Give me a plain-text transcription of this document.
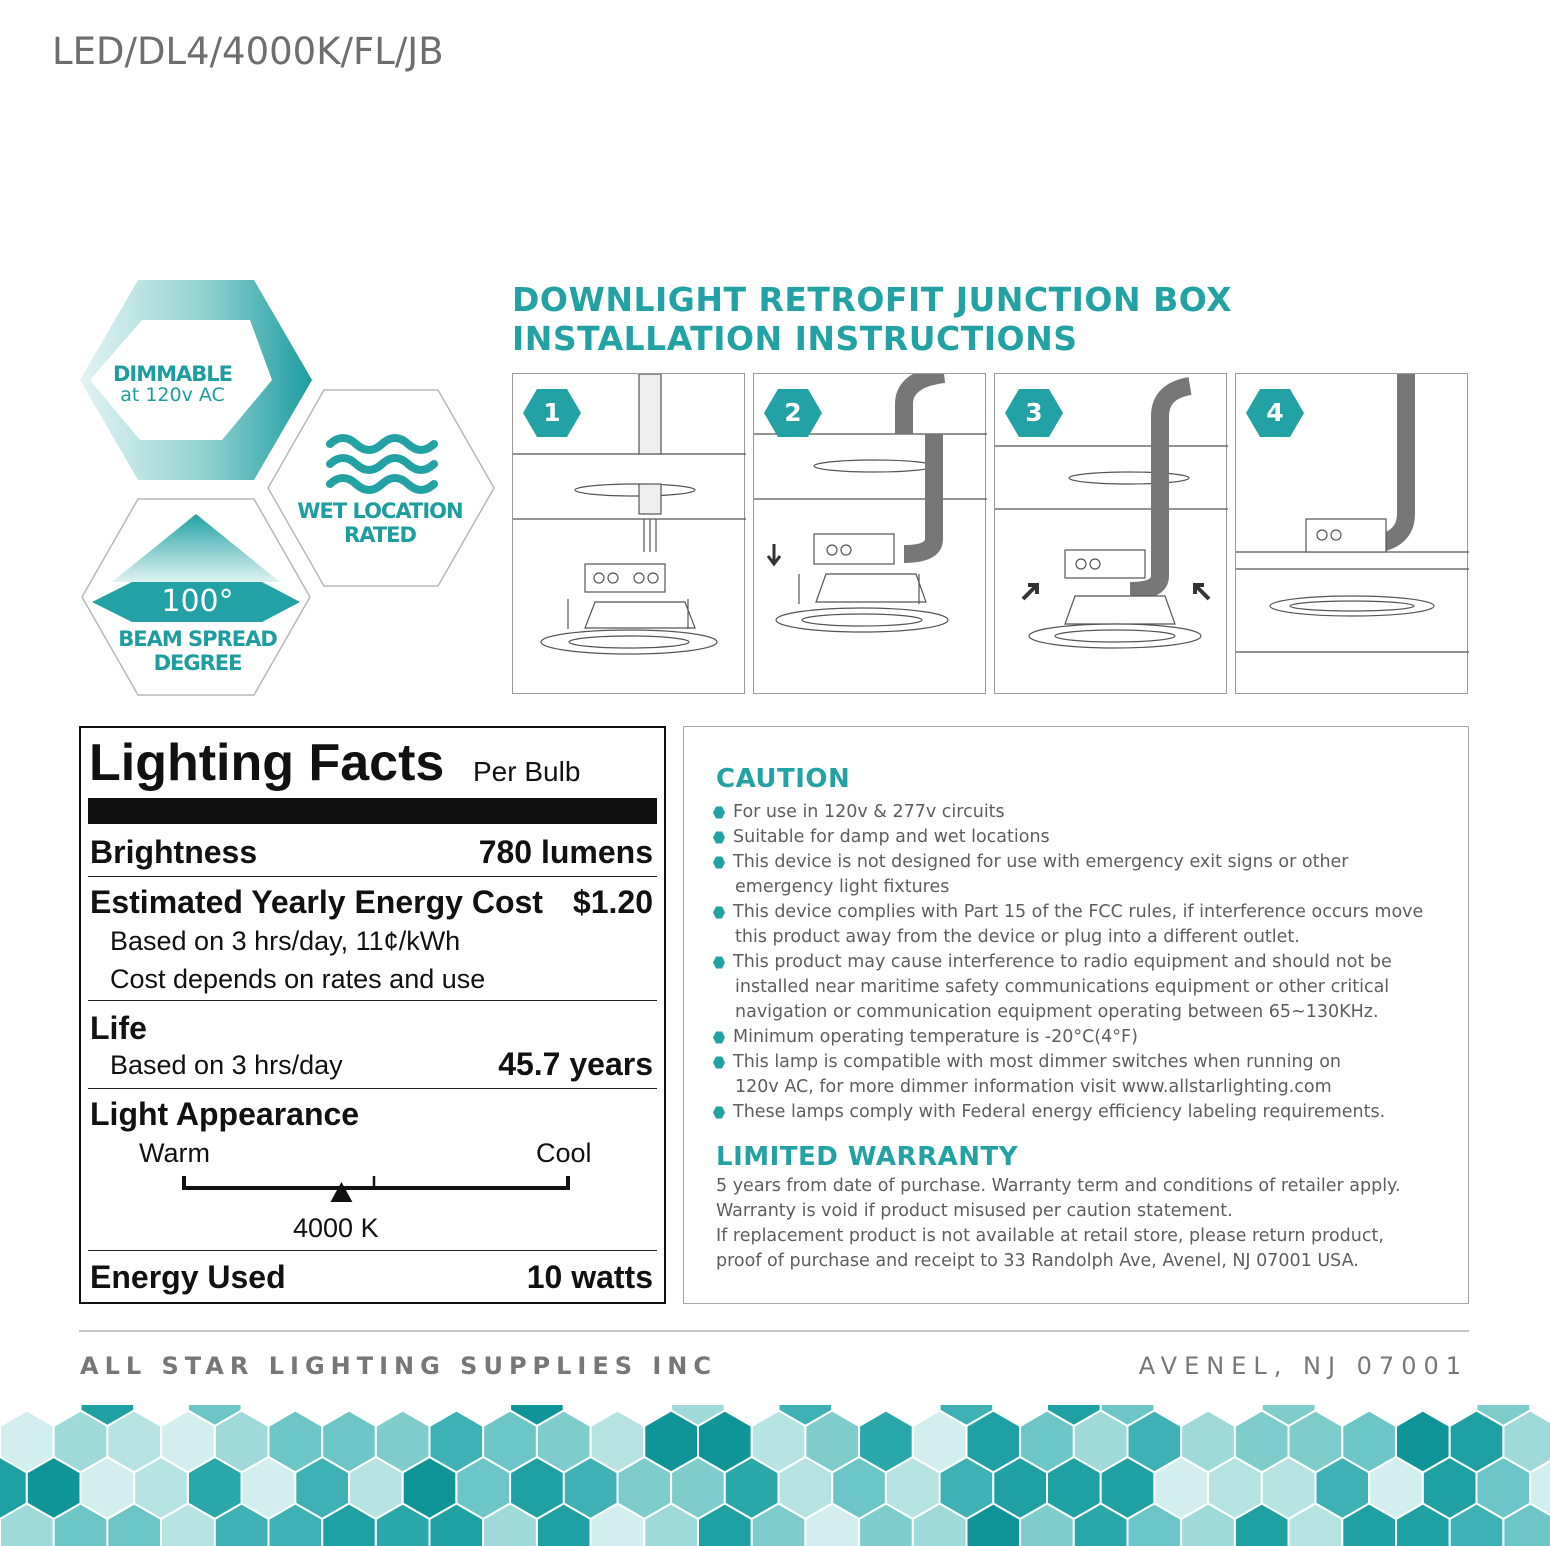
LED/DL4/4000K/FL/JB
DIMMABLE
at 120v AC
WET LOCATION
RATED
100°
BEAM SPREAD
DEGREE
DOWNLIGHT RETROFIT JUNCTION BOX
INSTALLATION INSTRUCTIONS
1	2	3	4
Lighting Facts Per Bulb
Brightness	780 lumens
Estimated Yearly Energy Cost $1.20
Based on 3 hrs/day, 11¢/kWh
Cost depends on rates and use
Life
Based on 3 hrs/day	45.7 years
Light Appearance
Warm	Cool
4000 K
Energy Used	10 watts
CAUTION
For use in 120v & 277v circuits
Suitable for damp and wet locations
This device is not designed for use with emergency exit signs or other
emergency light fixtures
This device complies with Part 15 of the FCC rules, if interference occurs move
this product away from the device or plug into a different outlet.
This product may cause interference to radio equipment and should not be
installed near maritime safety communications equipment or other critical
navigation or communication equipment operating between 65~130KHz.
Minimum operating temperature is -20°C(4°F)
This lamp is compatible with most dimmer switches when running on
120v AC, for more dimmer information visit www.allstarlighting.com
These lamps comply with Federal energy efficiency labeling requirements.
LIMITED WARRANTY
5 years from date of purchase. Warranty term and conditions of retailer apply.
Warranty is void if product misused per caution statement.
If replacement product is not available at retail store, please return product,
proof of purchase and receipt to 33 Randolph Ave, Avenel, NJ 07001 USA.
ALL STAR LIGHTING SUPPLIES INC	AVENEL, NJ 07001
